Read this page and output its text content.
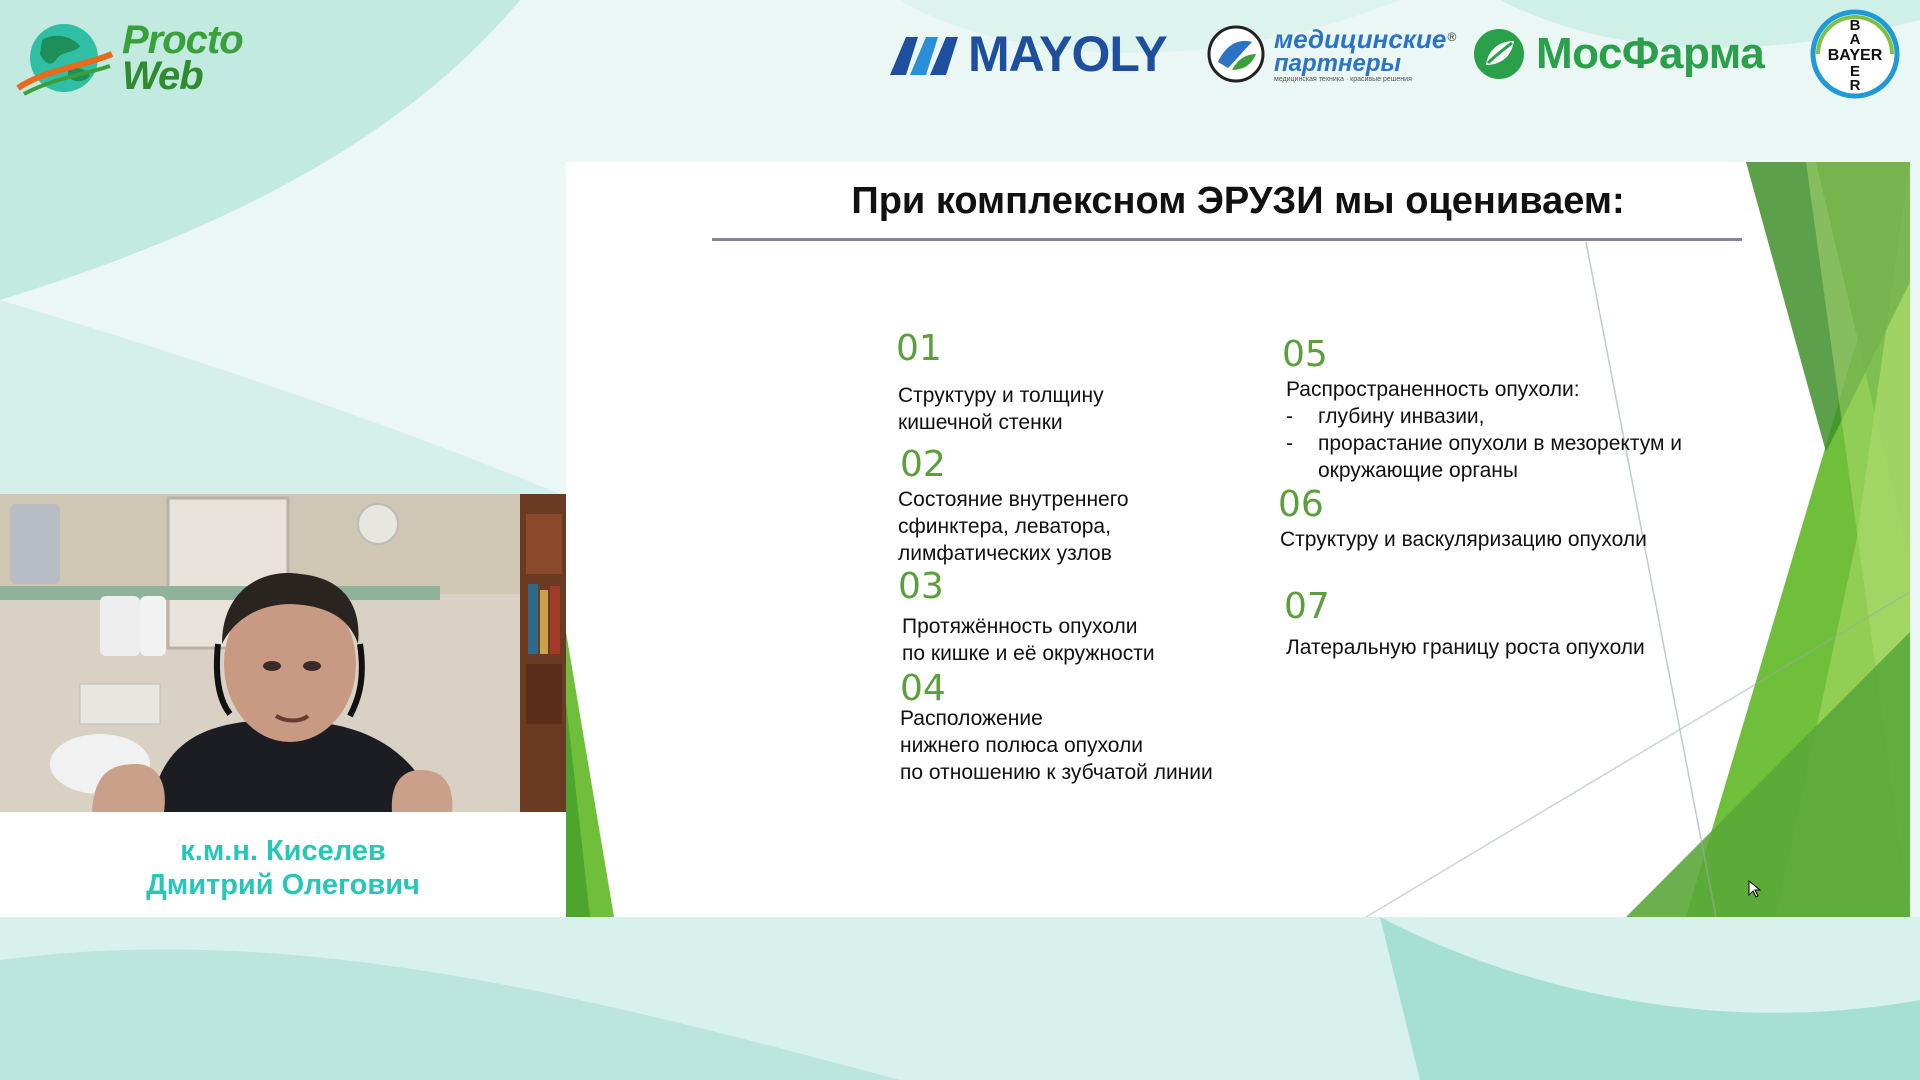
Procto
Web	MAYOLY	медицинские
партнеры
медицинская техника · красивые решения
® МосФарма	BAYER
B
A
E
R
При комплексном ЭРУЗИ мы оцениваем:
01
Структуру и толщину
кишечной стенки
02
Состояние внутреннего
сфинктера, леватора,
лимфатических узлов
03
Протяжённость опухоли
по кишке и её окружности
04
Расположение
нижнего полюса опухоли
по отношению к зубчатой линии
05
Распространенность опухоли:
- глубину инвазии,
- прорастание опухоли в мезоректум и окружающие органы
06
Структуру и васкуляризацию опухоли
07
Латеральную границу роста опухоли
к.м.н. Киселев
Дмитрий Олегович
